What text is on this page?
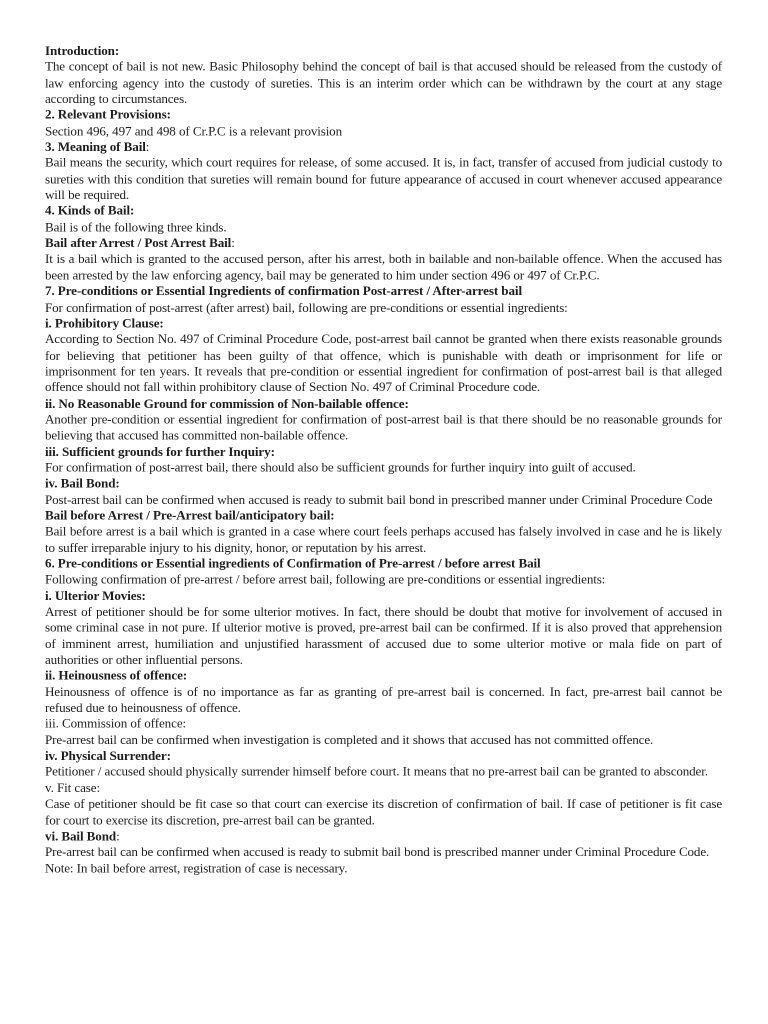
Introduction:
The concept of bail is not new. Basic Philosophy behind the concept of bail is that accused should be released from the custody of law enforcing agency into the custody of sureties. This is an interim order which can be withdrawn by the court at any stage according to circumstances.
2. Relevant Provisions:
Section 496, 497 and 498 of Cr.P.C is a relevant provision
3. Meaning of Bail:
Bail means the security, which court requires for release, of some accused. It is, in fact, transfer of accused from judicial custody to sureties with this condition that sureties will remain bound for future appearance of accused in court whenever accused appearance will be required.
4. Kinds of Bail:
Bail is of the following three kinds.
Bail after Arrest / Post Arrest Bail:
It is a bail which is granted to the accused person, after his arrest, both in bailable and non-bailable offence. When the accused has been arrested by the law enforcing agency, bail may be generated to him under section 496 or 497 of Cr.P.C.
7. Pre-conditions or Essential Ingredients of confirmation Post-arrest / After-arrest bail
For confirmation of post-arrest (after arrest) bail, following are pre-conditions or essential ingredients:
i. Prohibitory Clause:
According to Section No. 497 of Criminal Procedure Code, post-arrest bail cannot be granted when there exists reasonable grounds for believing that petitioner has been guilty of that offence, which is punishable with death or imprisonment for life or imprisonment for ten years. It reveals that pre-condition or essential ingredient for confirmation of post-arrest bail is that alleged offence should not fall within prohibitory clause of Section No. 497 of Criminal Procedure code.
ii. No Reasonable Ground for commission of Non-bailable offence:
Another pre-condition or essential ingredient for confirmation of post-arrest bail is that there should be no reasonable grounds for believing that accused has committed non-bailable offence.
iii. Sufficient grounds for further Inquiry:
For confirmation of post-arrest bail, there should also be sufficient grounds for further inquiry into guilt of accused.
iv. Bail Bond:
Post-arrest bail can be confirmed when accused is ready to submit bail bond in prescribed manner under Criminal Procedure Code
Bail before Arrest / Pre-Arrest bail/anticipatory bail:
Bail before arrest is a bail which is granted in a case where court feels perhaps accused has falsely involved in case and he is likely to suffer irreparable injury to his dignity, honor, or reputation by his arrest.
6. Pre-conditions or Essential ingredients of Confirmation of Pre-arrest / before arrest Bail
Following confirmation of pre-arrest / before arrest bail, following are pre-conditions or essential ingredients:
i. Ulterior Movies:
Arrest of petitioner should be for some ulterior motives. In fact, there should be doubt that motive for involvement of accused in some criminal case in not pure. If ulterior motive is proved, pre-arrest bail can be confirmed. If it is also proved that apprehension of imminent arrest, humiliation and unjustified harassment of accused due to some ulterior motive or mala fide on part of authorities or other influential persons.
ii. Heinousness of offence:
Heinousness of offence is of no importance as far as granting of pre-arrest bail is concerned. In fact, pre-arrest bail cannot be refused due to heinousness of offence.
iii. Commission of offence:
Pre-arrest bail can be confirmed when investigation is completed and it shows that accused has not committed offence.
iv. Physical Surrender:
Petitioner / accused should physically surrender himself before court. It means that no pre-arrest bail can be granted to absconder.
v. Fit case:
Case of petitioner should be fit case so that court can exercise its discretion of confirmation of bail. If case of petitioner is fit case for court to exercise its discretion, pre-arrest bail can be granted.
vi. Bail Bond:
Pre-arrest bail can be confirmed when accused is ready to submit bail bond is prescribed manner under Criminal Procedure Code.
Note: In bail before arrest, registration of case is necessary.
